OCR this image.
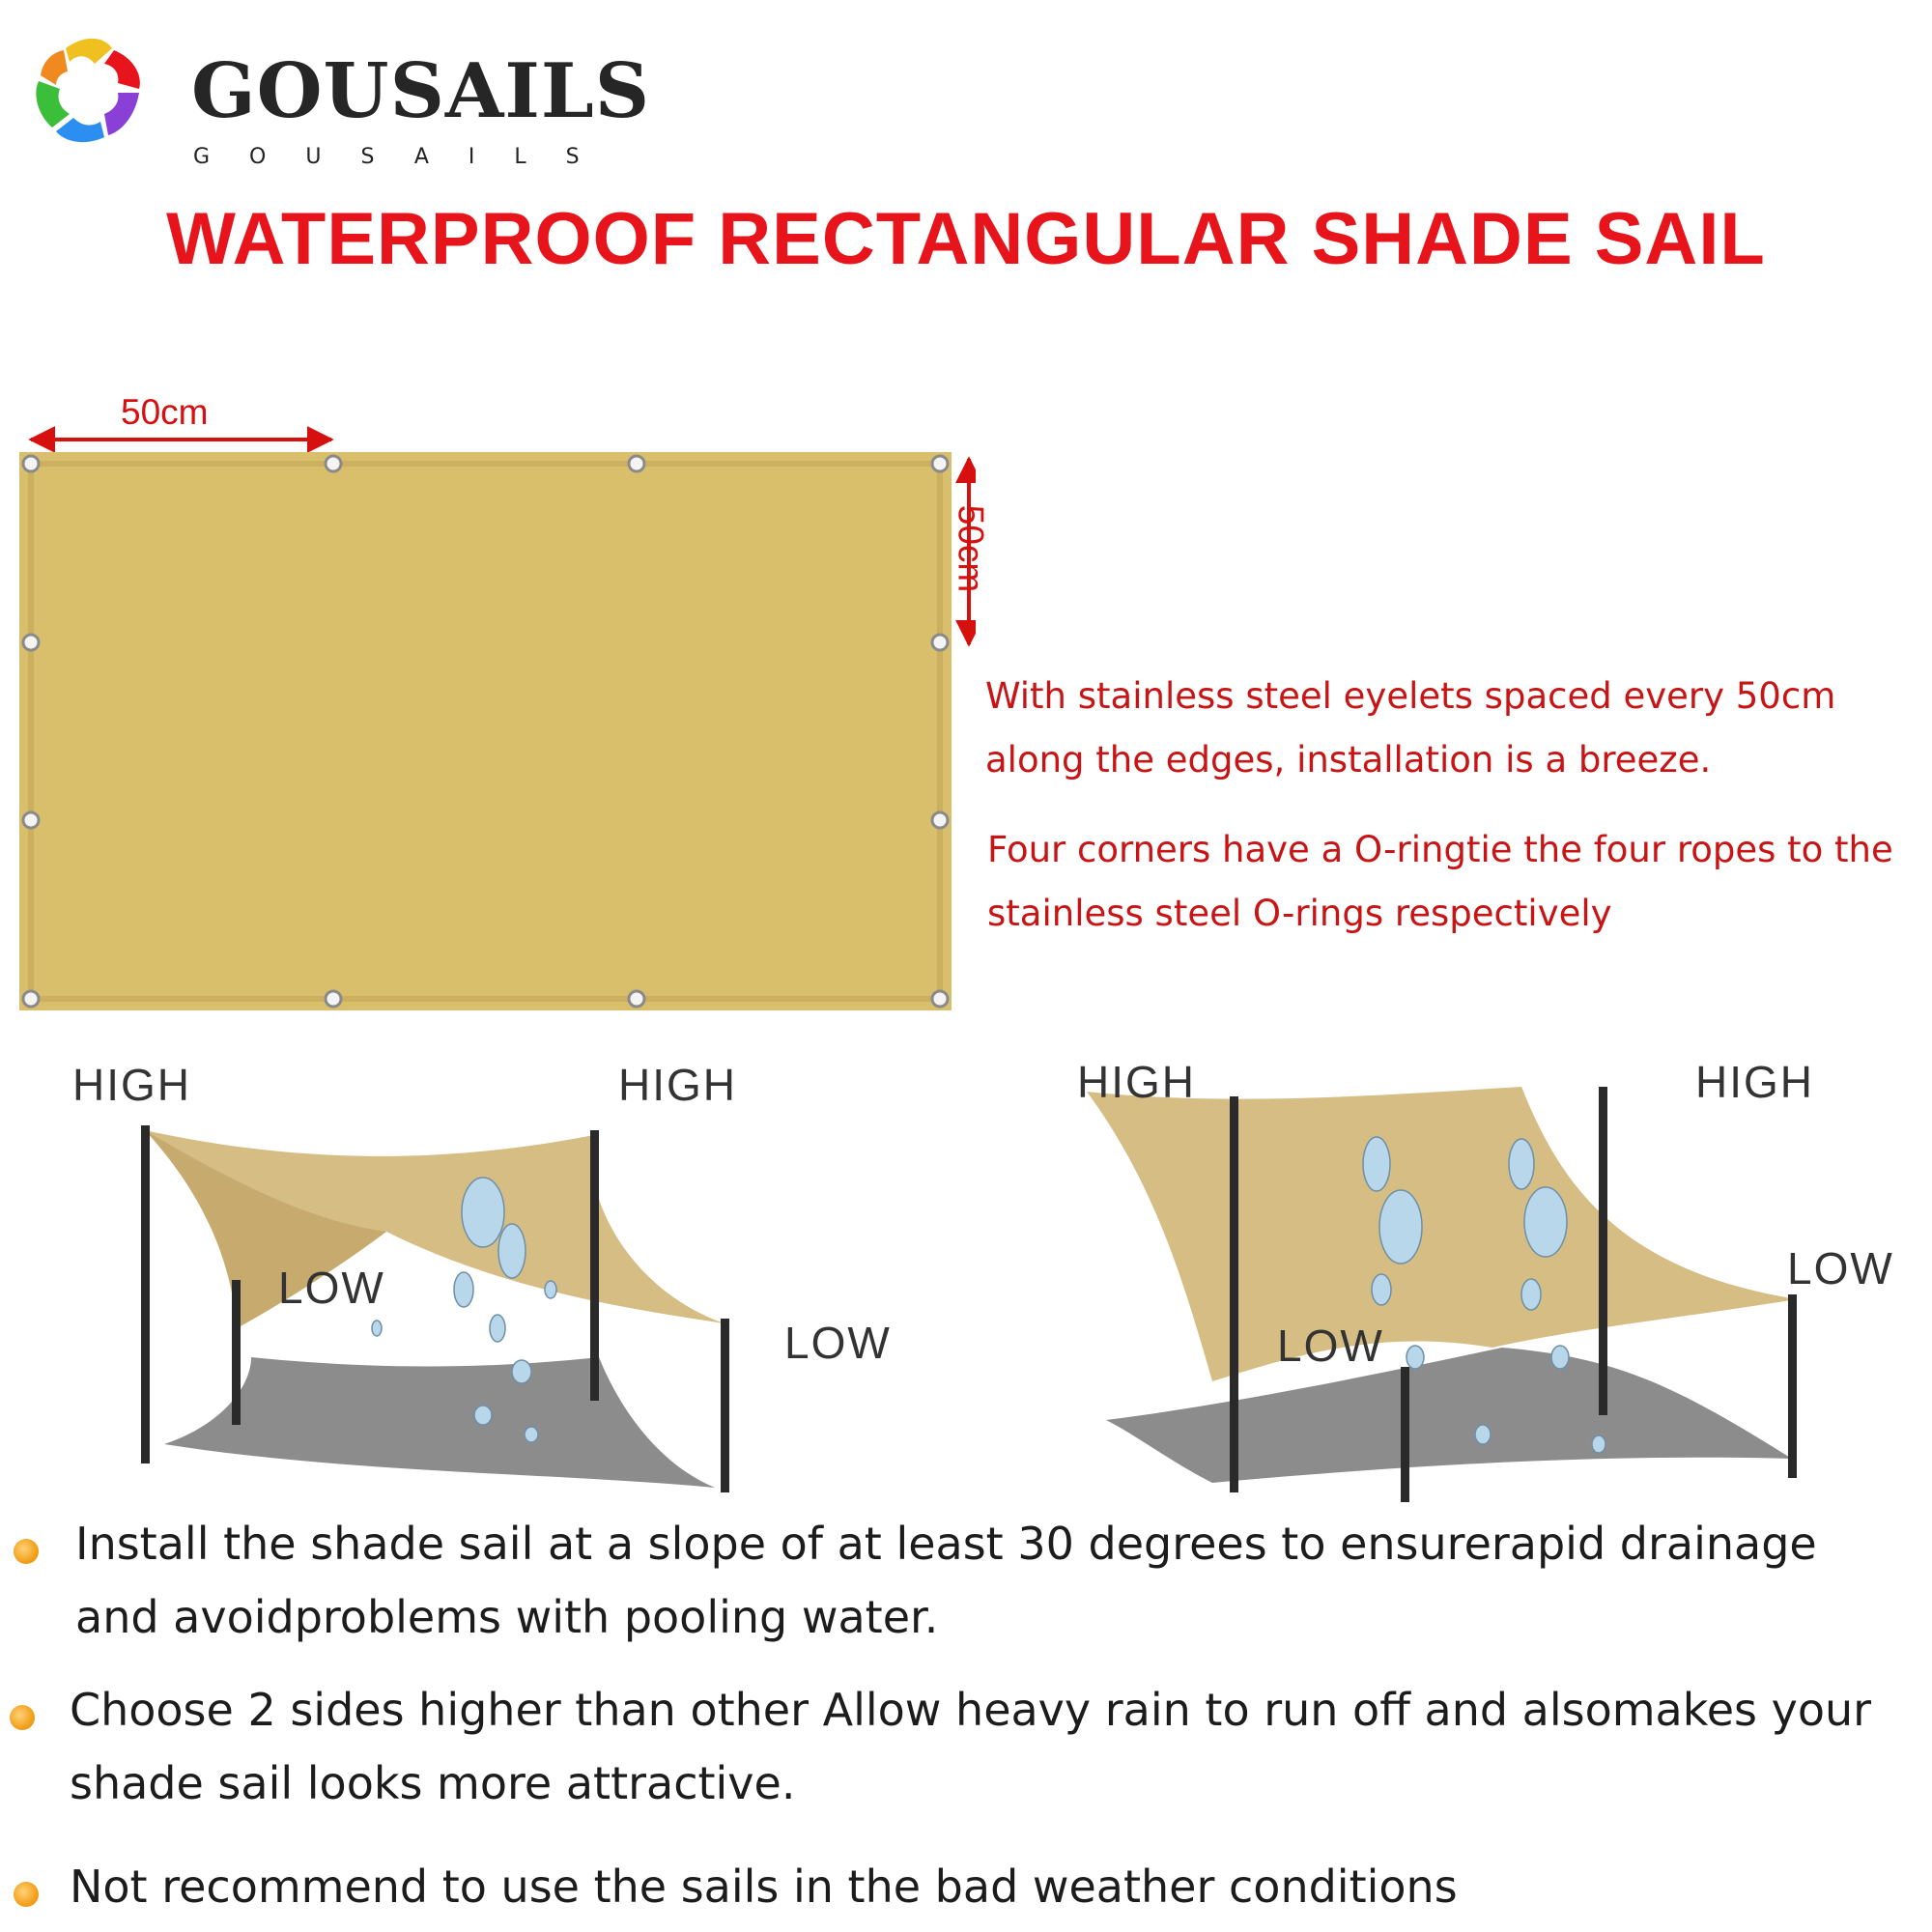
GOUSAILS
GOUSAILS
WATERPROOF RECTANGULAR SHADE SAIL
50cm
50cm
With stainless steel eyelets spaced every 50cm along the edges, installation is a breeze.
Four corners have a O-ringtie the four ropes to the stainless steel O-rings respectively
HIGH	HIGH
LOW
LOW
HIGH	HIGH
LOW
LOW
Install the shade sail at a slope of at least 30 degrees to ensurerapid drainage and avoidproblems with pooling water.
Choose 2 sides higher than other Allow heavy rain to run off and alsomakes your shade sail looks more attractive.
Not recommend to use the sails in the bad weather conditions
